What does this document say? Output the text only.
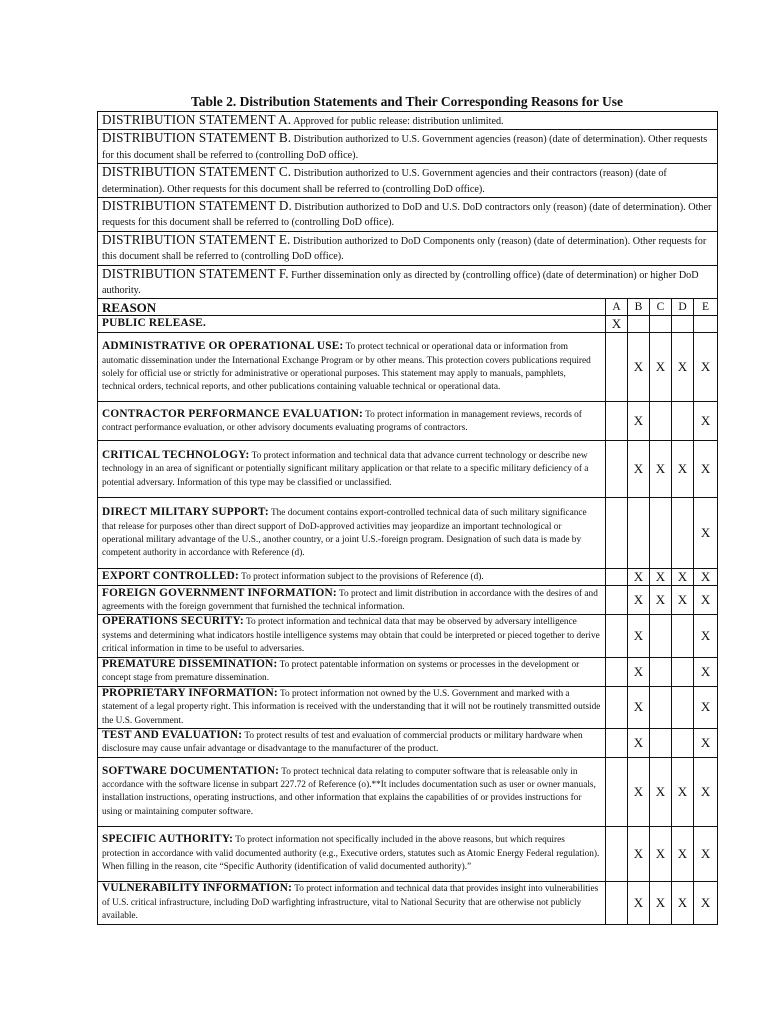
Table 2. Distribution Statements and Their Corresponding Reasons for Use
DISTRIBUTION STATEMENT A. Approved for public release: distribution unlimited.					
DISTRIBUTION STATEMENT B. Distribution authorized to U.S. Government agencies (reason) (date of determination). Other requests for this document shall be referred to (controlling DoD office).					
DISTRIBUTION STATEMENT C. Distribution authorized to U.S. Government agencies and their contractors (reason) (date of determination). Other requests for this document shall be referred to (controlling DoD office).					
DISTRIBUTION STATEMENT D. Distribution authorized to DoD and U.S. DoD contractors only (reason) (date of determination). Other requests for this document shall be referred to (controlling DoD office).					
DISTRIBUTION STATEMENT E. Distribution authorized to DoD Components only (reason) (date of determination). Other requests for this document shall be referred to (controlling DoD office).					
DISTRIBUTION STATEMENT F. Further dissemination only as directed by (controlling office) (date of determination) or higher DoD authority.					
REASON	A	B	C	D	E
PUBLIC RELEASE.	X				
ADMINISTRATIVE OR OPERATIONAL USE: To protect technical or operational data or information from automatic dissemination under the International Exchange Program or by other means. This protection covers publications required solely for official use or strictly for administrative or operational purposes. This statement may apply to manuals, pamphlets, technical orders, technical reports, and other publications containing valuable technical or operational data.		X	X	X	X
CONTRACTOR PERFORMANCE EVALUATION: To protect information in management reviews, records of contract performance evaluation, or other advisory documents evaluating programs of contractors.		X			X
CRITICAL TECHNOLOGY: To protect information and technical data that advance current technology or describe new technology in an area of significant or potentially significant military application or that relate to a specific military deficiency of a potential adversary. Information of this type may be classified or unclassified.		X	X	X	X
DIRECT MILITARY SUPPORT: The document contains export-controlled technical data of such military significance that release for purposes other than direct support of DoD-approved activities may jeopardize an important technological or operational military advantage of the U.S., another country, or a joint U.S.-foreign program. Designation of such data is made by competent authority in accordance with Reference (d).					X
EXPORT CONTROLLED: To protect information subject to the provisions of Reference (d).		X	X	X	X
FOREIGN GOVERNMENT INFORMATION: To protect and limit distribution in accordance with the desires of and agreements with the foreign government that furnished the technical information.		X	X	X	X
OPERATIONS SECURITY: To protect information and technical data that may be observed by adversary intelligence systems and determining what indicators hostile intelligence systems may obtain that could be interpreted or pieced together to derive critical information in time to be useful to adversaries.		X			X
PREMATURE DISSEMINATION: To protect patentable information on systems or processes in the development or concept stage from premature dissemination.		X			X
PROPRIETARY INFORMATION: To protect information not owned by the U.S. Government and marked with a statement of a legal property right. This information is received with the understanding that it will not be routinely transmitted outside the U.S. Government.		X			X
TEST AND EVALUATION: To protect results of test and evaluation of commercial products or military hardware when disclosure may cause unfair advantage or disadvantage to the manufacturer of the product.		X			X
SOFTWARE DOCUMENTATION: To protect technical data relating to computer software that is releasable only in accordance with the software license in subpart 227.72 of Reference (o).**It includes documentation such as user or owner manuals, installation instructions, operating instructions, and other information that explains the capabilities of or provides instructions for using or maintaining computer software.		X	X	X	X
SPECIFIC AUTHORITY: To protect information not specifically included in the above reasons, but which requires protection in accordance with valid documented authority (e.g., Executive orders, statutes such as Atomic Energy Federal regulation). When filling in the reason, cite “Specific Authority (identification of valid documented authority).”		X	X	X	X
VULNERABILITY INFORMATION: To protect information and technical data that provides insight into vulnerabilities of U.S. critical infrastructure, including DoD warfighting infrastructure, vital to National Security that are otherwise not publicly available.		X	X	X	X
